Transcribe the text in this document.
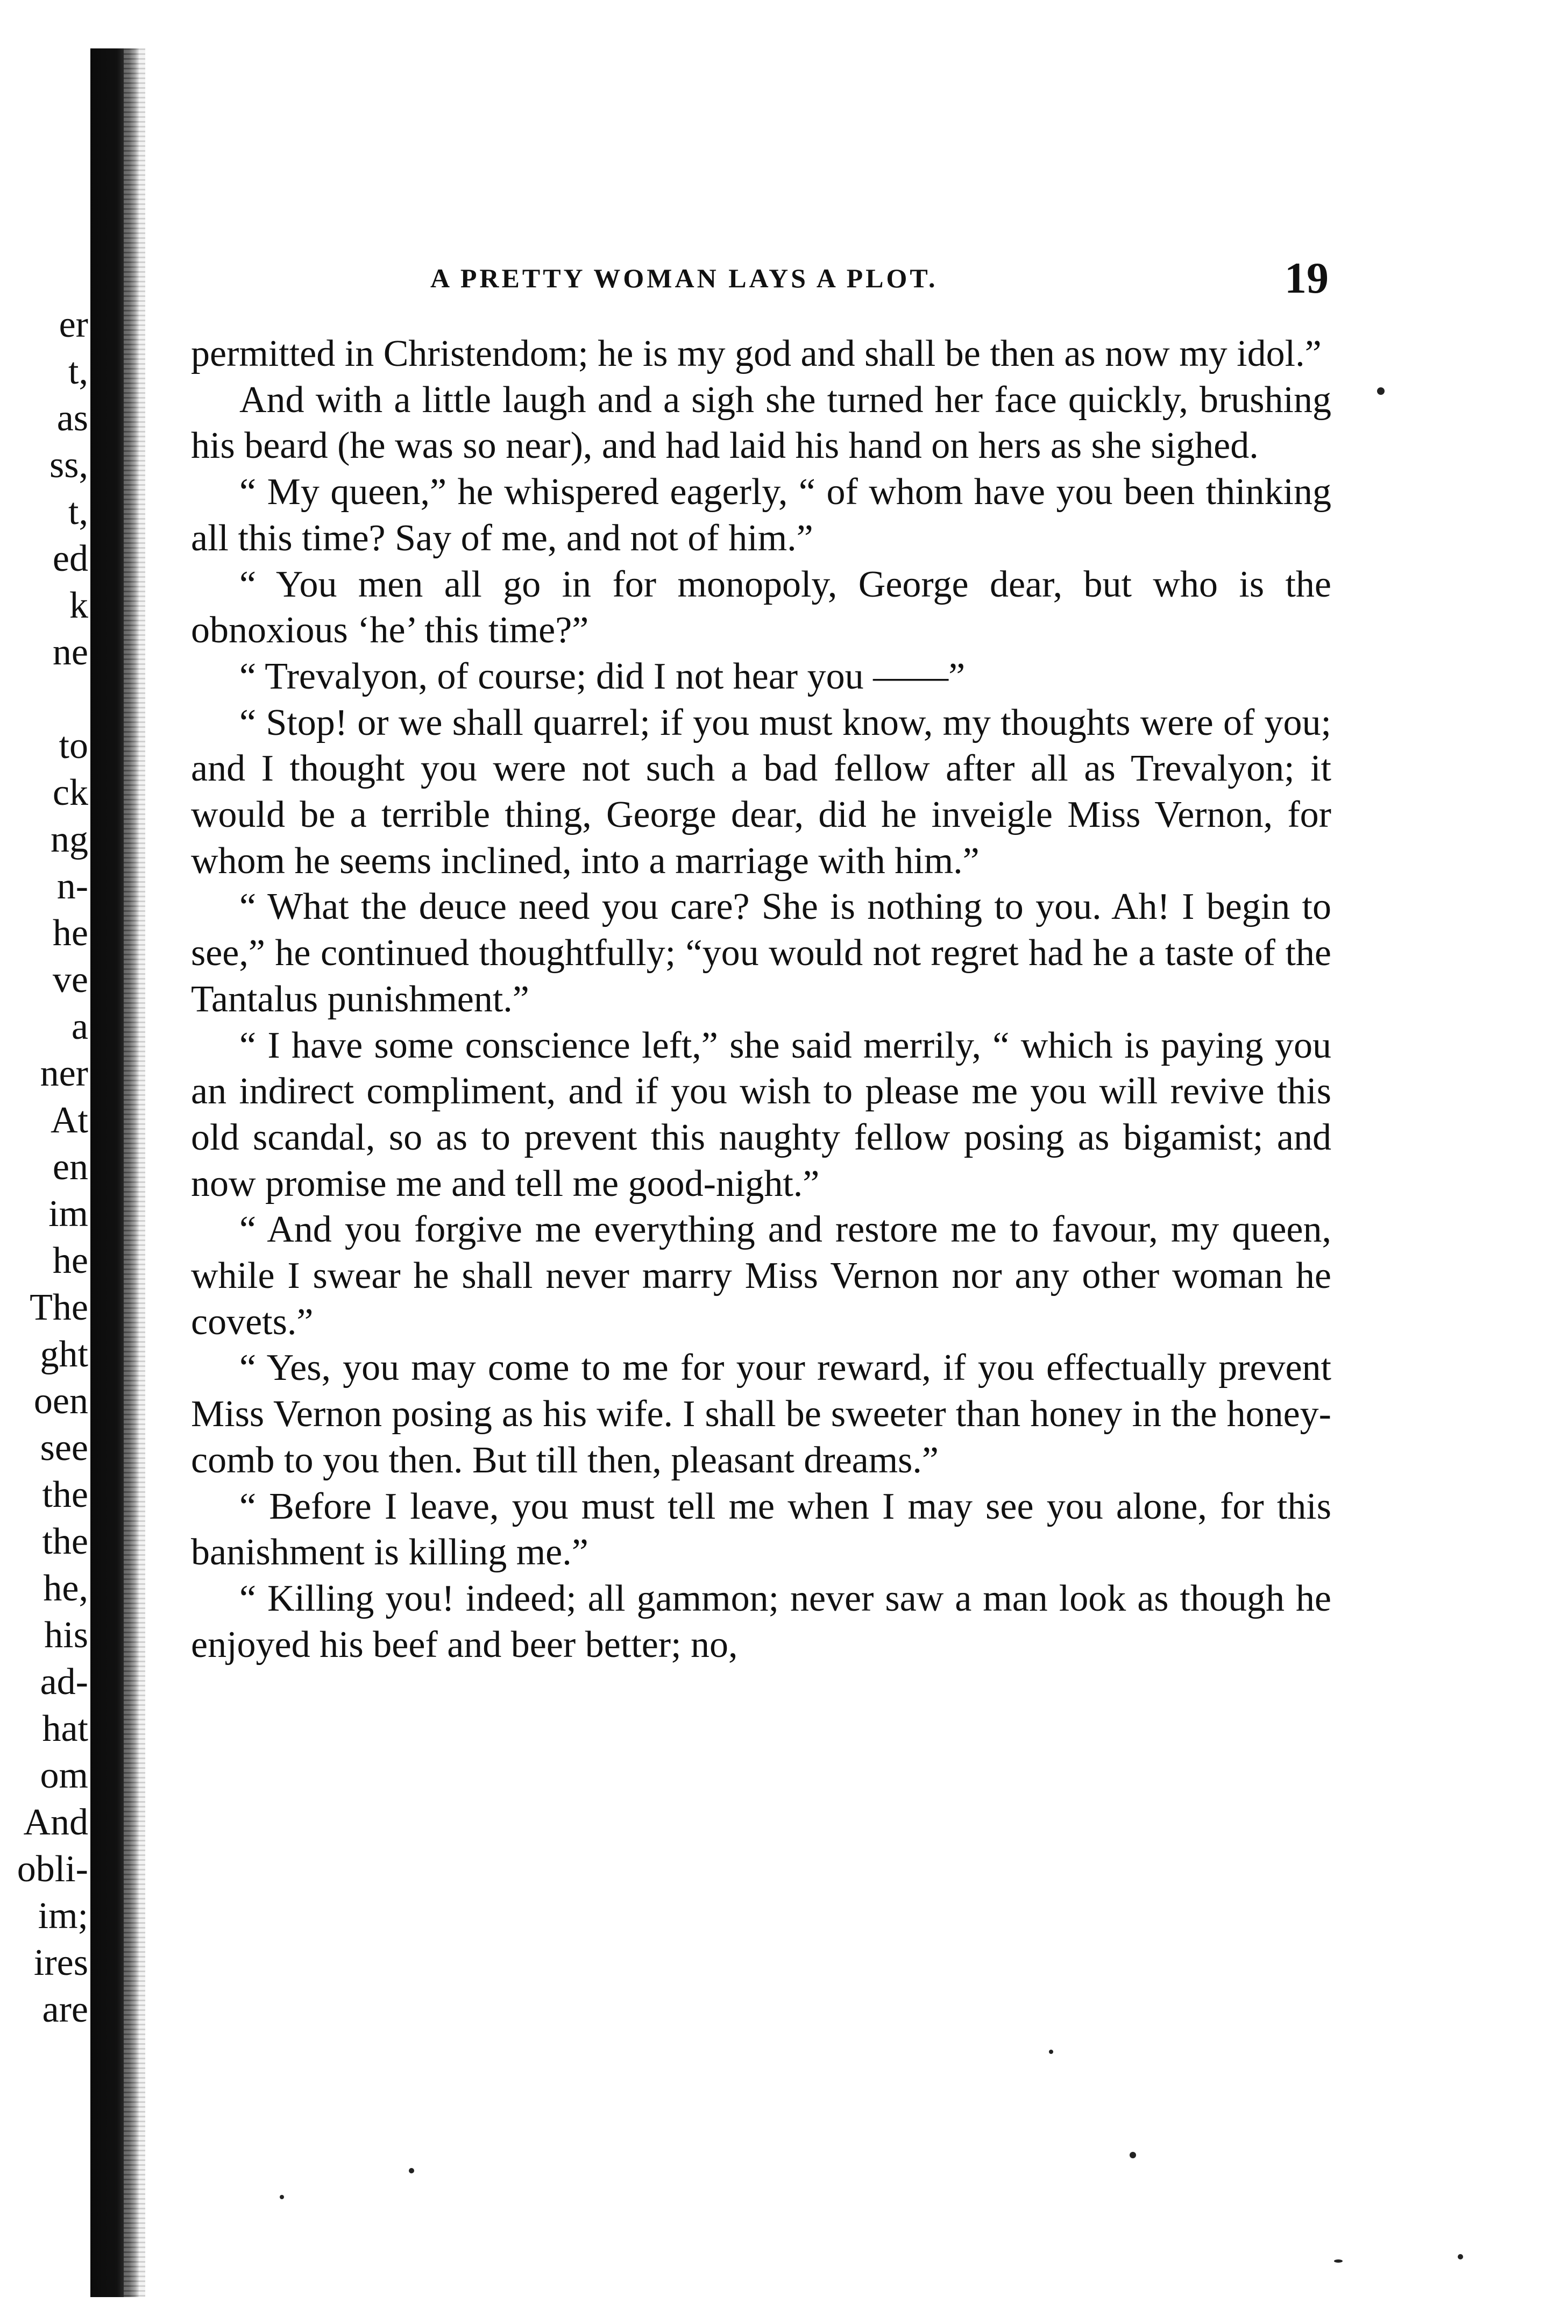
er
t,
as
ss,
t,
ed
k
ne

to
ck
ng
n-
he
ve
a
ner
At
en
im
he
The
ght
oen
see
the
the
he,
his
ad-
hat
om
And
obli-
im;
ires
are
A PRETTY WOMAN LAYS A PLOT.	19

permitted in Christendom; he is my god and shall be then as now my idol.”

And with a little laugh and a sigh she turned her face quickly, brushing his beard (he was so near), and had laid his hand on hers as she sighed.

“ My queen,” he whispered eagerly, “ of whom have you been thinking all this time? Say of me, and not of him.”

“ You men all go in for monopoly, George dear, but who is the obnoxious ‘he’ this time?”

“ Trevalyon, of course; did I not hear you ——”

“ Stop! or we shall quarrel; if you must know, my thoughts were of you; and I thought you were not such a bad fellow after all as Trevalyon; it would be a terrible thing, George dear, did he inveigle Miss Vernon, for whom he seems inclined, into a marriage with him.”

“ What the deuce need you care? She is nothing to you. Ah! I begin to see,” he continued thoughtfully; “you would not regret had he a taste of the Tantalus punishment.”

“ I have some conscience left,” she said merrily, “ which is paying you an indirect compliment, and if you wish to please me you will revive this old scandal, so as to prevent this naughty fellow posing as bigamist; and now promise me and tell me good-night.”

“ And you forgive me everything and restore me to favour, my queen, while I swear he shall never marry Miss Vernon nor any other woman he covets.”

“ Yes, you may come to me for your reward, if you effectually prevent Miss Vernon posing as his wife. I shall be sweeter than honey in the honey-comb to you then. But till then, pleasant dreams.”

“ Before I leave, you must tell me when I may see you alone, for this banishment is killing me.”

“ Killing you! indeed; all gammon; never saw a man look as though he enjoyed his beef and beer better; no,
